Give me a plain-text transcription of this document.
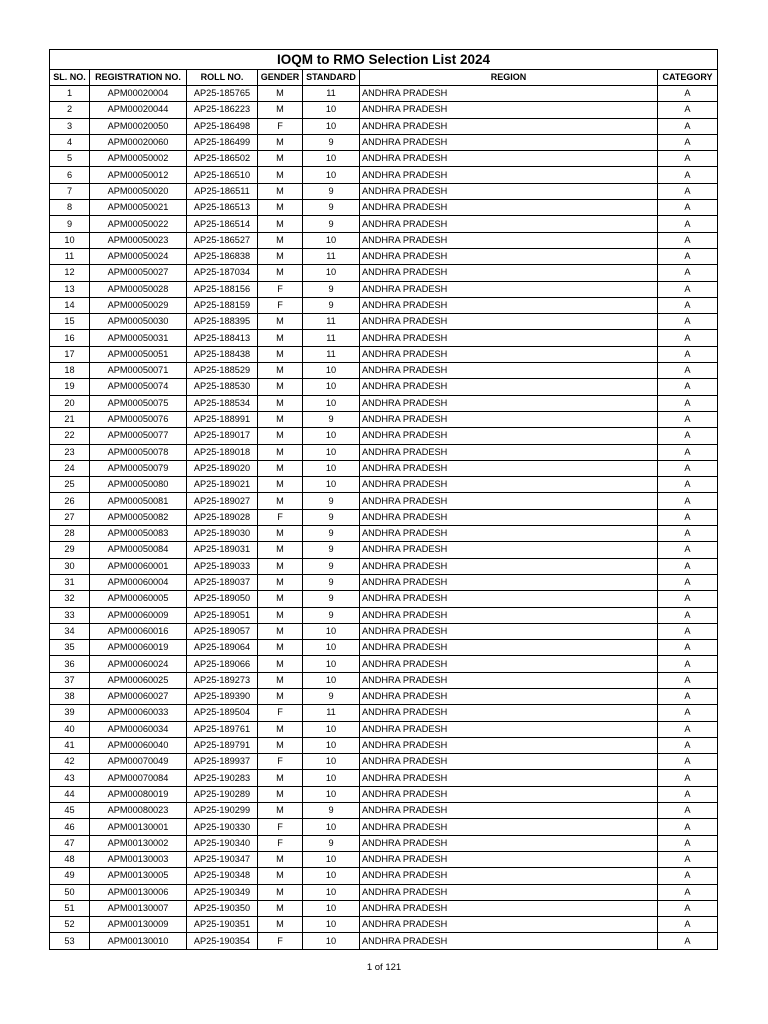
IOQM to RMO Selection List 2024						
SL. NO.	REGISTRATION NO.	ROLL NO.	GENDER	STANDARD	REGION	CATEGORY
1	APM00020004	AP25-185765	M	11	ANDHRA PRADESH	A
2	APM00020044	AP25-186223	M	10	ANDHRA PRADESH	A
3	APM00020050	AP25-186498	F	10	ANDHRA PRADESH	A
4	APM00020060	AP25-186499	M	9	ANDHRA PRADESH	A
5	APM00050002	AP25-186502	M	10	ANDHRA PRADESH	A
6	APM00050012	AP25-186510	M	10	ANDHRA PRADESH	A
7	APM00050020	AP25-186511	M	9	ANDHRA PRADESH	A
8	APM00050021	AP25-186513	M	9	ANDHRA PRADESH	A
9	APM00050022	AP25-186514	M	9	ANDHRA PRADESH	A
10	APM00050023	AP25-186527	M	10	ANDHRA PRADESH	A
11	APM00050024	AP25-186838	M	11	ANDHRA PRADESH	A
12	APM00050027	AP25-187034	M	10	ANDHRA PRADESH	A
13	APM00050028	AP25-188156	F	9	ANDHRA PRADESH	A
14	APM00050029	AP25-188159	F	9	ANDHRA PRADESH	A
15	APM00050030	AP25-188395	M	11	ANDHRA PRADESH	A
16	APM00050031	AP25-188413	M	11	ANDHRA PRADESH	A
17	APM00050051	AP25-188438	M	11	ANDHRA PRADESH	A
18	APM00050071	AP25-188529	M	10	ANDHRA PRADESH	A
19	APM00050074	AP25-188530	M	10	ANDHRA PRADESH	A
20	APM00050075	AP25-188534	M	10	ANDHRA PRADESH	A
21	APM00050076	AP25-188991	M	9	ANDHRA PRADESH	A
22	APM00050077	AP25-189017	M	10	ANDHRA PRADESH	A
23	APM00050078	AP25-189018	M	10	ANDHRA PRADESH	A
24	APM00050079	AP25-189020	M	10	ANDHRA PRADESH	A
25	APM00050080	AP25-189021	M	10	ANDHRA PRADESH	A
26	APM00050081	AP25-189027	M	9	ANDHRA PRADESH	A
27	APM00050082	AP25-189028	F	9	ANDHRA PRADESH	A
28	APM00050083	AP25-189030	M	9	ANDHRA PRADESH	A
29	APM00050084	AP25-189031	M	9	ANDHRA PRADESH	A
30	APM00060001	AP25-189033	M	9	ANDHRA PRADESH	A
31	APM00060004	AP25-189037	M	9	ANDHRA PRADESH	A
32	APM00060005	AP25-189050	M	9	ANDHRA PRADESH	A
33	APM00060009	AP25-189051	M	9	ANDHRA PRADESH	A
34	APM00060016	AP25-189057	M	10	ANDHRA PRADESH	A
35	APM00060019	AP25-189064	M	10	ANDHRA PRADESH	A
36	APM00060024	AP25-189066	M	10	ANDHRA PRADESH	A
37	APM00060025	AP25-189273	M	10	ANDHRA PRADESH	A
38	APM00060027	AP25-189390	M	9	ANDHRA PRADESH	A
39	APM00060033	AP25-189504	F	11	ANDHRA PRADESH	A
40	APM00060034	AP25-189761	M	10	ANDHRA PRADESH	A
41	APM00060040	AP25-189791	M	10	ANDHRA PRADESH	A
42	APM00070049	AP25-189937	F	10	ANDHRA PRADESH	A
43	APM00070084	AP25-190283	M	10	ANDHRA PRADESH	A
44	APM00080019	AP25-190289	M	10	ANDHRA PRADESH	A
45	APM00080023	AP25-190299	M	9	ANDHRA PRADESH	A
46	APM00130001	AP25-190330	F	10	ANDHRA PRADESH	A
47	APM00130002	AP25-190340	F	9	ANDHRA PRADESH	A
48	APM00130003	AP25-190347	M	10	ANDHRA PRADESH	A
49	APM00130005	AP25-190348	M	10	ANDHRA PRADESH	A
50	APM00130006	AP25-190349	M	10	ANDHRA PRADESH	A
51	APM00130007	AP25-190350	M	10	ANDHRA PRADESH	A
52	APM00130009	AP25-190351	M	10	ANDHRA PRADESH	A
53	APM00130010	AP25-190354	F	10	ANDHRA PRADESH	A
1 of 121
